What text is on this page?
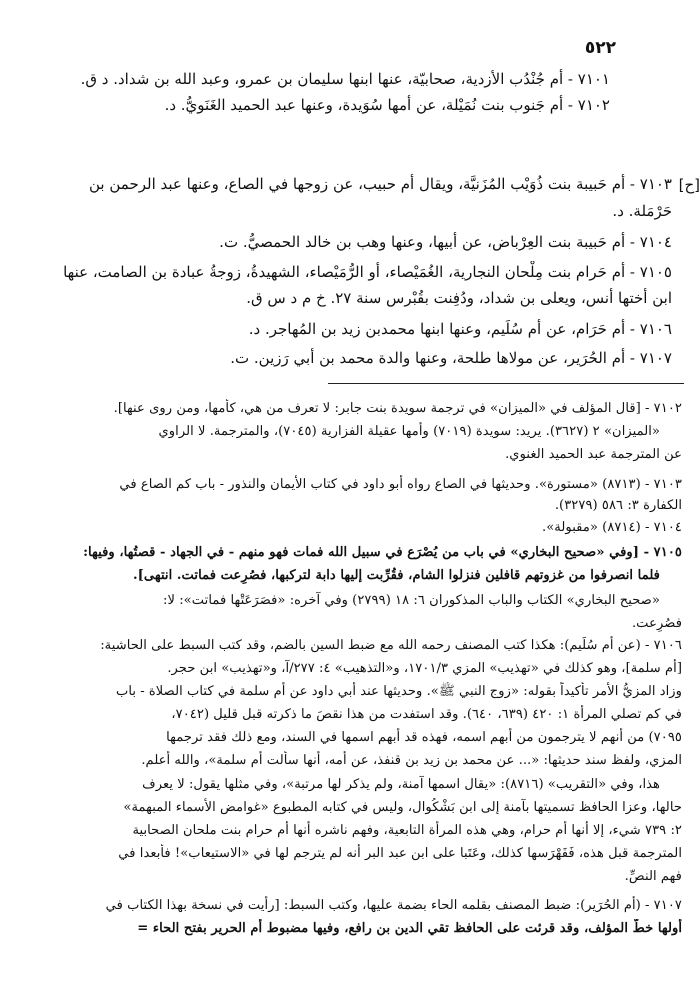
٥٢٢
٧١٠١ - أم جُنْدُب الأزدية، صحابيّة، عنها ابنها سليمان بن عمرو، وعبد الله بن شداد. د ق.
٧١٠٢ - أم جَنوب بنت نُمَيْلة، عن أمها سُوَيدة، وعنها عبد الحميد الغَنَويُّ. د.
[ح]
٧١٠٣ - أم حَبيبة بنت ذُوَيْب المُزَنيَّة، ويقال أم حبيب، عن زوجها في الصاع، وعنها عبد الرحمن بن
حَرْمَلة. د.
٧١٠٤ - أم حَبيبة بنت العِرْباض، عن أبيها، وعنها وهب بن خالد الحمصيُّ. ت.
٧١٠٥ - أم حَرام بنت مِلْحان النجارية، الغُمَيْصاء، أو الرُّمَيْصاء، الشهيدةُ، زوجةُ عبادة بن الصامت، عنها
ابن أختها أنس، ويعلى بن شداد، ودُفِنت بقُبْرس سنة ٢٧. خ م د س ق.
٧١٠٦ - أم حَرَام، عن أم سُلَيم، وعنها ابنها محمدبن زيد بن المُهاجر. د.
٧١٠٧ - أم الحُرَير، عن مولاها طلحة، وعنها والدة محمد بن أبي رَزين. ت.
٧١٠٢ - [قال المؤلف في «الميزان» في ترجمة سويدة بنت جابر: لا تعرف من هي، كأمها، ومن روى عنها].
«الميزان» ٢ (٣٦٢٧). يريد: سويدة (٧٠١٩) وأمها عقيلة الفزارية (٧٠٤٥)، والمترجمة. لا الراوي
عن المترجمة عبد الحميد الغنوي.
٧١٠٣ - (٨٧١٣) «مستورة». وحديثها في الصاع رواه أبو داود في كتاب الأيمان والنذور - باب كم الصاع في
الكفارة ٣: ٥٨٦ (٣٢٧٩).
٧١٠٤ - (٨٧١٤) «مقبولة».
٧١٠٥ - [وفي «صحيح البخاري» في باب من يُصْرَع في سبيل الله فمات فهو منهم - في الجهاد - قصتُها، وفيها:
فلما انصرفوا من غزوتهم قافلين فنزلوا الشام، فقُرِّبت إليها دابة لتركبها، فصُرِعت فماتت. انتهى].
«صحيح البخاري» الكتاب والباب المذكوران ٦: ١٨ (٢٧٩٩) وفي آخره: «فصَرَعَتْها فماتت»: لا:
فصُرِعت.
٧١٠٦ - (عن أم سُلَيم): هكذا كتب المصنف رحمه الله مع ضبط السين بالضم، وقد كتب السبط على الحاشية:
[أم سلمة]، وهو كذلك في «تهذيب» المزي ١٧٠١/٣، و«التذهيب» ٤: ٢٧٧/آ، و«تهذيب» ابن حجر.
وزاد المزيُّ الأمر تأكيداً بقوله: «زوج النبي ﷺ». وحديثها عند أبي داود عن أم سلمة في كتاب الصلاة - باب
في كم تصلي المرأة ١: ٤٢٠ (٦٣٩، ٦٤٠). وقد استفدت من هذا نقصَ ما ذكرته قبل قليل (٧٠٤٢،
٧٠٩٥) من أنهم لا يترجمون من أبهم اسمه، فهذه قد أبهم اسمها في السند، ومع ذلك فقد ترجمها
المزي، ولفظ سند حديثها: «... عن محمد بن زيد بن قنفذ، عن أمه، أنها سألت أم سلمة»، والله أعلم.
هذا، وفي «التقريب» (٨٧١٦): «يقال اسمها آمنة، ولم يذكر لها مرتبة»، وفي مثلها يقول: لا يعرف
حالها، وعزا الحافظ تسميتها بآمنة إلى ابن بَشْكُوال، وليس في كتابه المطبوع «غوامض الأسماء المبهمة»
٢: ٧٣٩ شيء، إلا أنها أم حرام، وهي هذه المرأة التابعية، وفهم ناشره أنها أم حرام بنت ملحان الصحابية
المترجمة قبل هذه، فَفَهْرَسها كذلك، وعَتَبا على ابن عبد البر أنه لم يترجم لها في «الاستيعاب»! فأبعدا في
فهم النصِّ.
٧١٠٧ - (أم الحُرَير): ضبط المصنف بقلمه الحاء بضمة عليها، وكتب السبط: [رأيت في نسخة بهذا الكتاب في
أولها خطُّ المؤلف، وقد قرئت على الحافظ تقي الدين بن رافع، وفيها مضبوط أم الحرير بفتح الحاء =
